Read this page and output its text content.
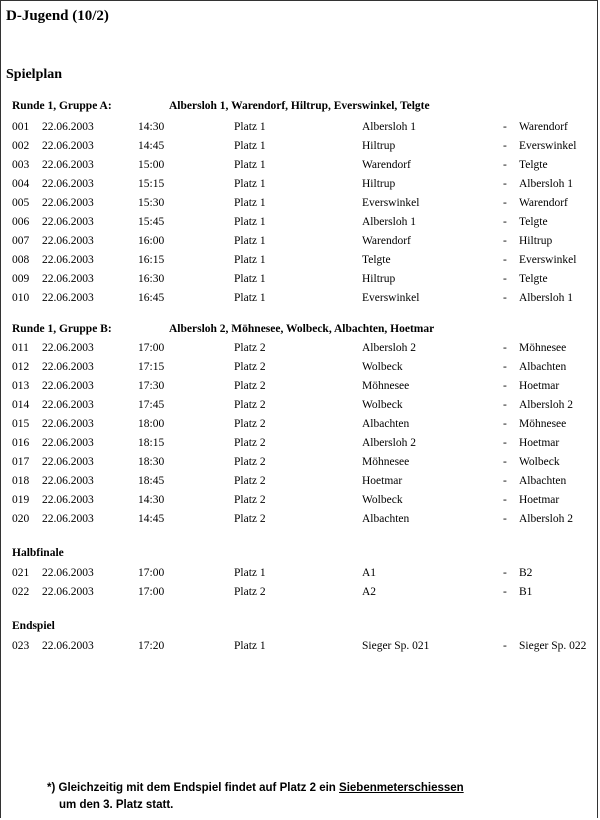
D-Jugend (10/2)
Spielplan
Runde 1, Gruppe A:	Albersloh 1, Warendorf, Hiltrup, Everswinkel, Telgte
001 22.06.2003	14:30	Platz 1	Albersloh 1	- Warendorf
002 22.06.2003	14:45	Platz 1	Hiltrup	- Everswinkel
003 22.06.2003	15:00	Platz 1	Warendorf	- Telgte
004 22.06.2003	15:15	Platz 1	Hiltrup	- Albersloh 1
005 22.06.2003	15:30	Platz 1	Everswinkel	- Warendorf
006 22.06.2003	15:45	Platz 1	Albersloh 1	- Telgte
007 22.06.2003	16:00	Platz 1	Warendorf	- Hiltrup
008 22.06.2003	16:15	Platz 1	Telgte	- Everswinkel
009 22.06.2003	16:30	Platz 1	Hiltrup	- Telgte
010 22.06.2003	16:45	Platz 1	Everswinkel	- Albersloh 1
Runde 1, Gruppe B:	Albersloh 2, Möhnesee, Wolbeck, Albachten, Hoetmar
011 22.06.2003	17:00	Platz 2	Albersloh 2	- Möhnesee
012 22.06.2003	17:15	Platz 2	Wolbeck	- Albachten
013 22.06.2003	17:30	Platz 2	Möhnesee	- Hoetmar
014 22.06.2003	17:45	Platz 2	Wolbeck	- Albersloh 2
015 22.06.2003	18:00	Platz 2	Albachten	- Möhnesee
016 22.06.2003	18:15	Platz 2	Albersloh 2	- Hoetmar
017 22.06.2003	18:30	Platz 2	Möhnesee	- Wolbeck
018 22.06.2003	18:45	Platz 2	Hoetmar	- Albachten
019 22.06.2003	14:30	Platz 2	Wolbeck	- Hoetmar
020 22.06.2003	14:45	Platz 2	Albachten	- Albersloh 2
Halbfinale
021 22.06.2003	17:00	Platz 1	A1	- B2
022 22.06.2003	17:00	Platz 2	A2	- B1
Endspiel
023 22.06.2003	17:20	Platz 1	Sieger Sp. 021	- Sieger Sp. 022
*) Gleichzeitig mit dem Endspiel findet auf Platz 2 ein Siebenmeterschiessen
um den 3. Platz statt.
